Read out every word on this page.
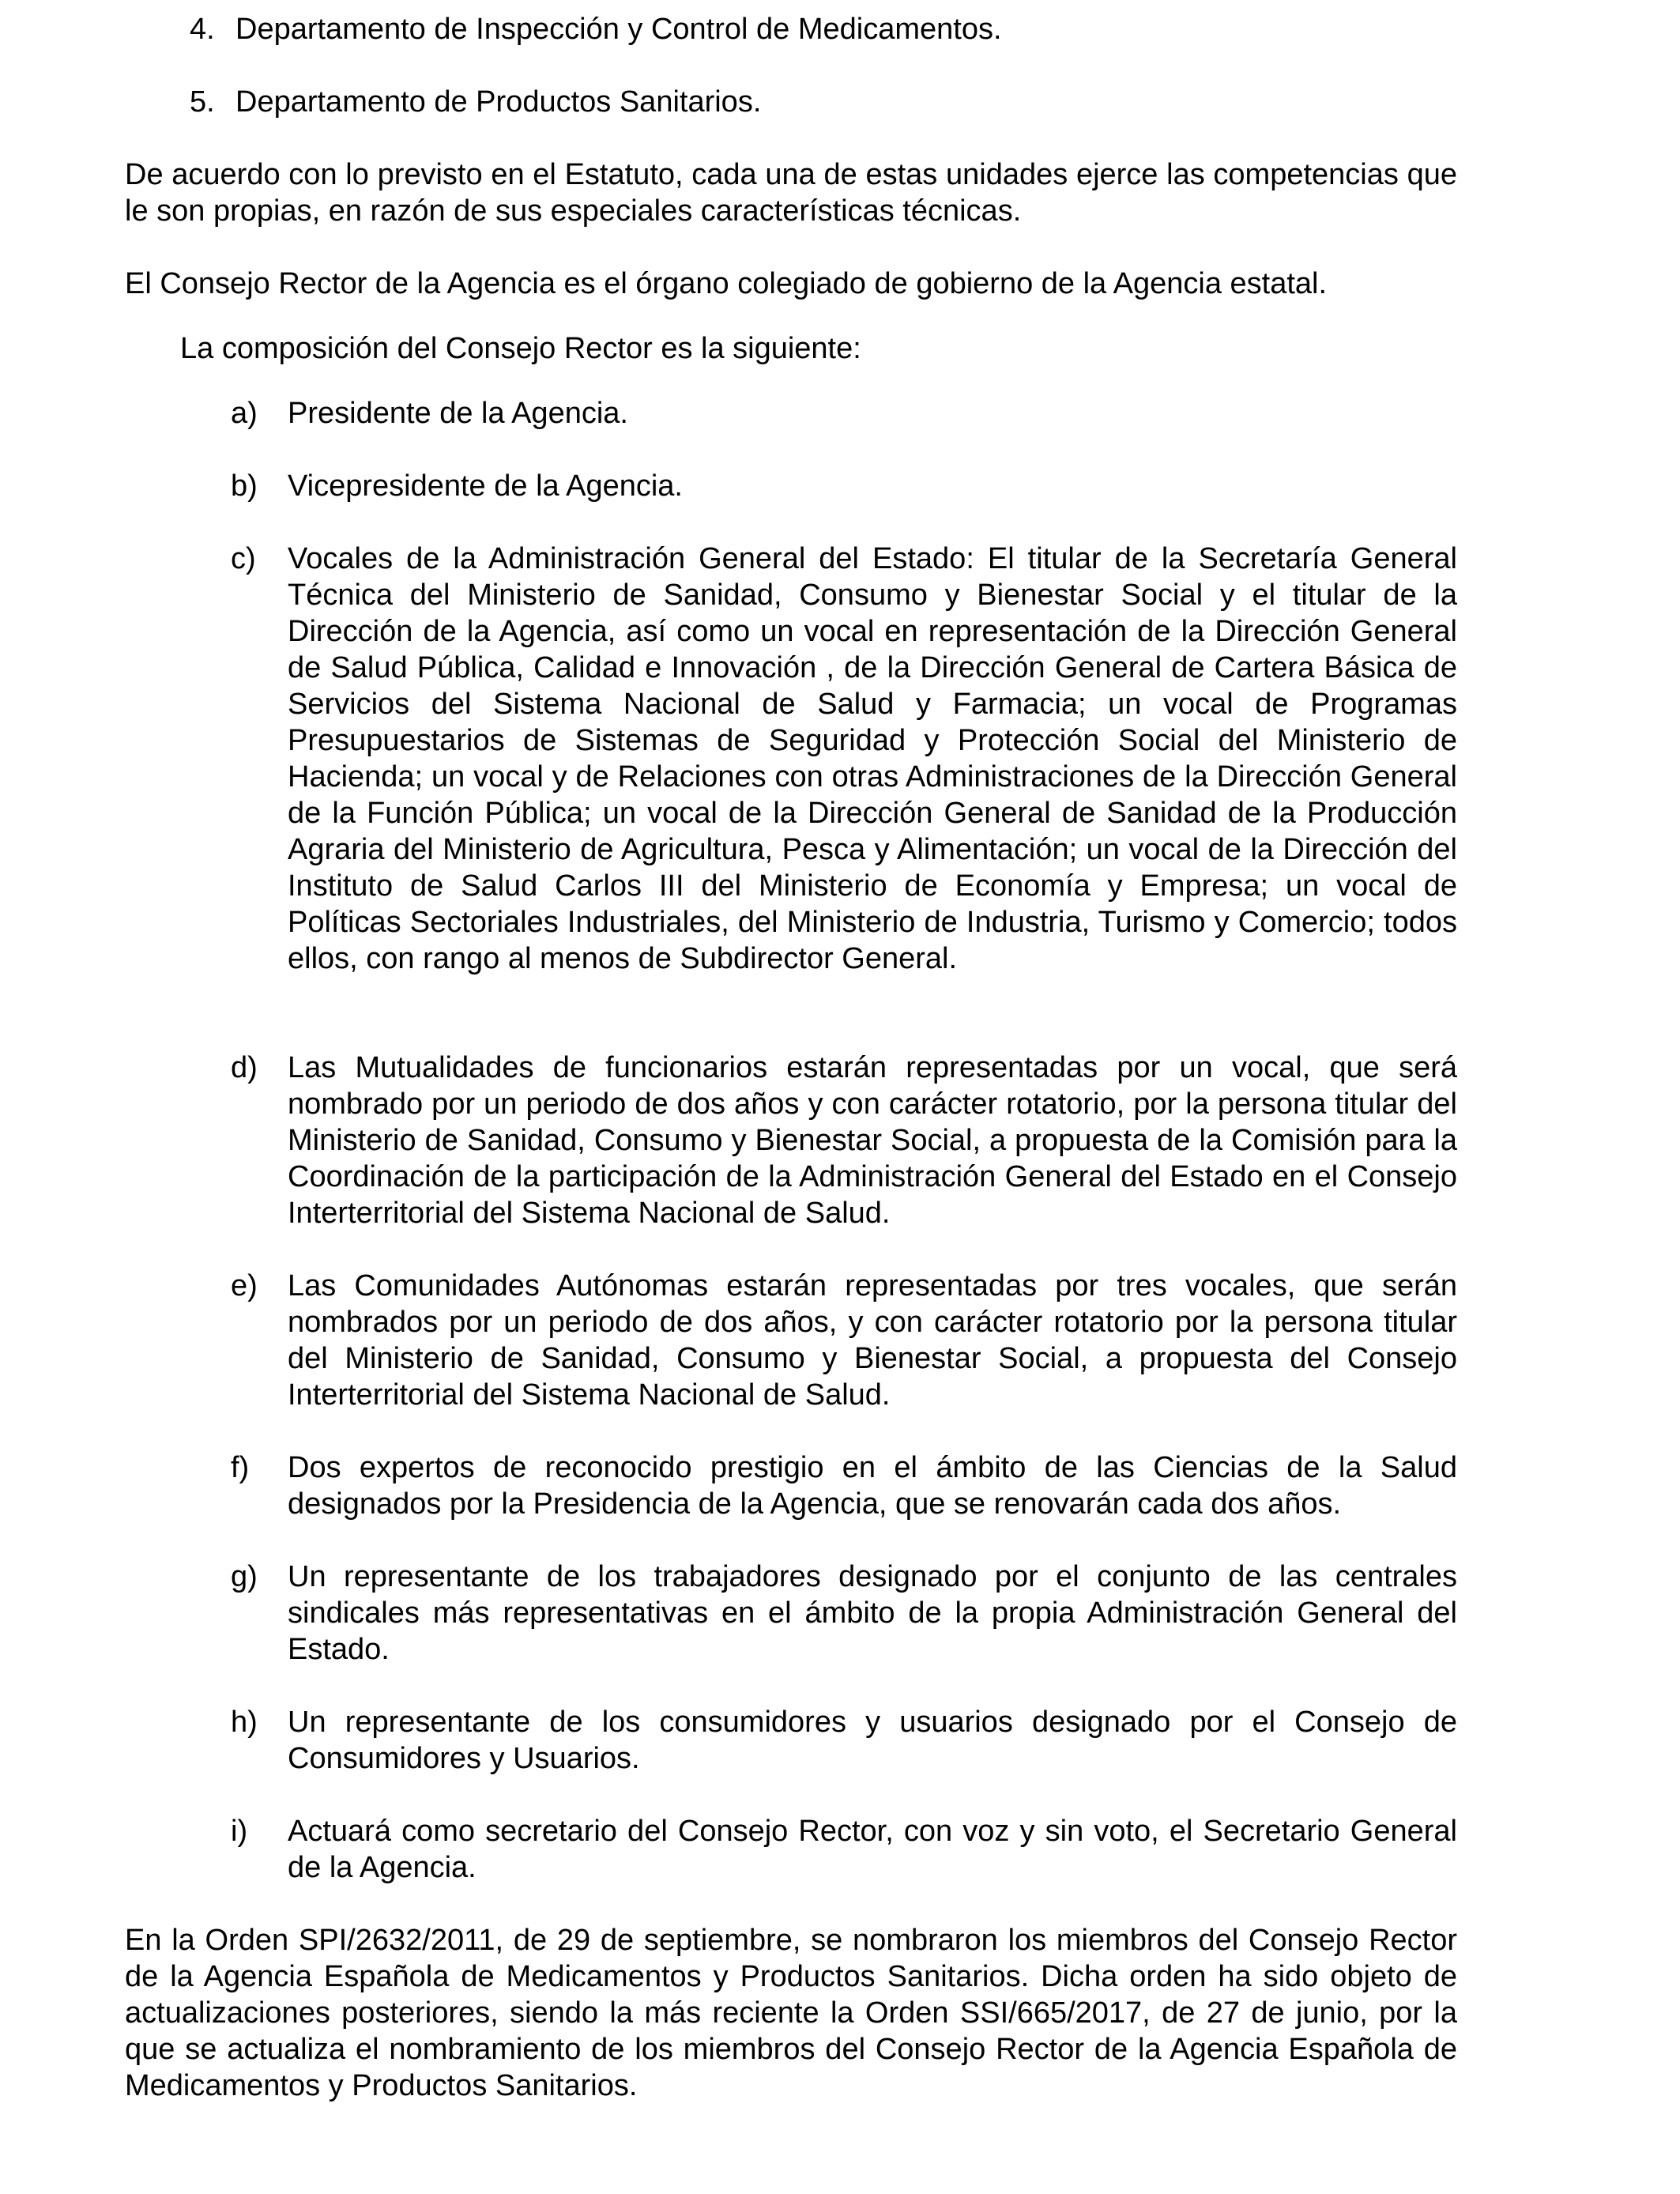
4. Departamento de Inspección y Control de Medicamentos.
5. Departamento de Productos Sanitarios.

De acuerdo con lo previsto en el Estatuto, cada una de estas unidades ejerce las competencias que le son propias, en razón de sus especiales características técnicas.

El Consejo Rector de la Agencia es el órgano colegiado de gobierno de la Agencia estatal.

La composición del Consejo Rector es la siguiente:

a)	Presidente de la Agencia.
b)	Vicepresidente de la Agencia.
c)	Vocales de la Administración General del Estado: El titular de la Secretaría General Técnica del Ministerio de Sanidad, Consumo y Bienestar Social y el titular de la Dirección de la Agencia, así como un vocal en representación de la Dirección General de Salud Pública, Calidad e Innovación , de la Dirección General de Cartera Básica de Servicios del Sistema Nacional de Salud y Farmacia; un vocal de Programas Presupuestarios de Sistemas de Seguridad y Protección Social del Ministerio de Hacienda; un vocal y de Relaciones con otras Administraciones de la Dirección General de la Función Pública; un vocal de la Dirección General de Sanidad de la Producción Agraria del Ministerio de Agricultura, Pesca y Alimentación; un vocal de la Dirección del Instituto de Salud Carlos III del Ministerio de Economía y Empresa; un vocal de Políticas Sectoriales Industriales, del Ministerio de Industria, Turismo y Comercio; todos ellos, con rango al menos de Subdirector General.
d)	Las Mutualidades de funcionarios estarán representadas por un vocal, que será nombrado por un periodo de dos años y con carácter rotatorio, por la persona titular del Ministerio de Sanidad, Consumo y Bienestar Social, a propuesta de la Comisión para la Coordinación de la participación de la Administración General del Estado en el Consejo Interterritorial del Sistema Nacional de Salud.
e)	Las Comunidades Autónomas estarán representadas por tres vocales, que serán nombrados por un periodo de dos años, y con carácter rotatorio por la persona titular del Ministerio de Sanidad, Consumo y Bienestar Social, a propuesta del Consejo Interterritorial del Sistema Nacional de Salud.
f)	Dos expertos de reconocido prestigio en el ámbito de las Ciencias de la Salud designados por la Presidencia de la Agencia, que se renovarán cada dos años.
g)	Un representante de los trabajadores designado por el conjunto de las centrales sindicales más representativas en el ámbito de la propia Administración General del Estado.
h)	Un representante de los consumidores y usuarios designado por el Consejo de Consumidores y Usuarios.
i)	Actuará como secretario del Consejo Rector, con voz y sin voto, el Secretario General de la Agencia.

En la Orden SPI/2632/2011, de 29 de septiembre, se nombraron los miembros del Consejo Rector de la Agencia Española de Medicamentos y Productos Sanitarios. Dicha orden ha sido objeto de actualizaciones posteriores, siendo la más reciente la Orden SSI/665/2017, de 27 de junio, por la que se actualiza el nombramiento de los miembros del Consejo Rector de la Agencia Española de Medicamentos y Productos Sanitarios.
